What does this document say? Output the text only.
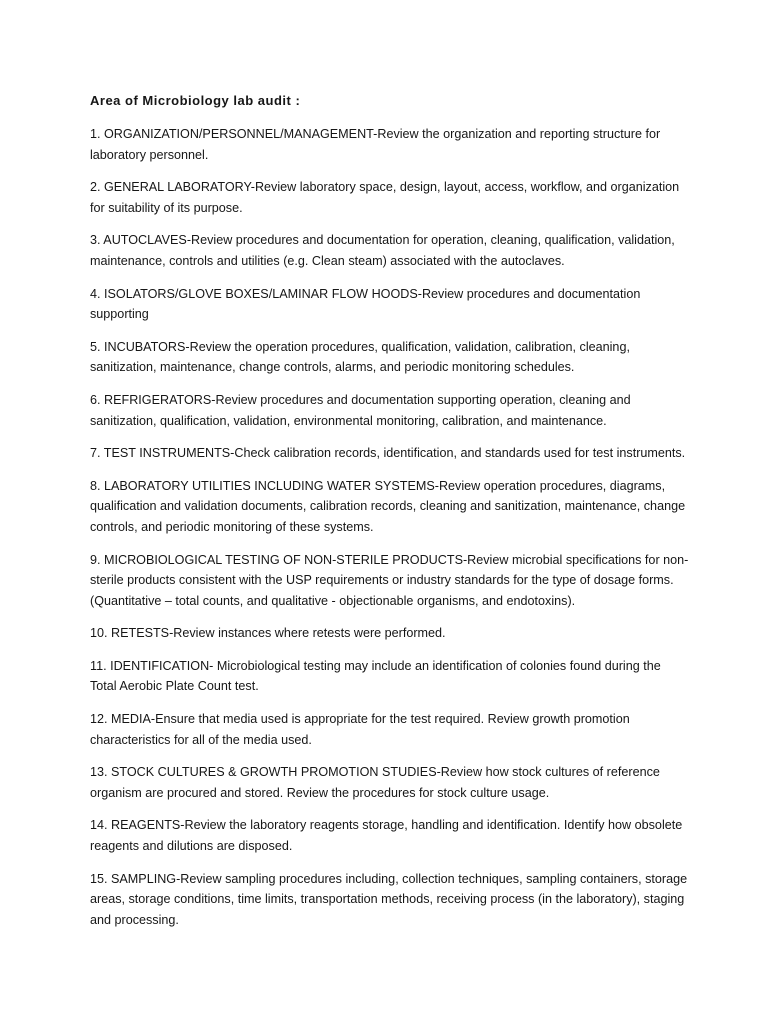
Area of Microbiology lab audit :
1. ORGANIZATION/PERSONNEL/MANAGEMENT-Review the organization and reporting structure for laboratory personnel.
2. GENERAL LABORATORY-Review laboratory space, design, layout, access, workflow, and organization for suitability of its purpose.
3. AUTOCLAVES-Review procedures and documentation for operation, cleaning, qualification, validation, maintenance, controls and utilities (e.g. Clean steam) associated with the autoclaves.
4. ISOLATORS/GLOVE BOXES/LAMINAR FLOW HOODS-Review procedures and documentation supporting
5. INCUBATORS-Review the operation procedures, qualification, validation, calibration, cleaning, sanitization, maintenance, change controls, alarms, and periodic monitoring schedules.
6. REFRIGERATORS-Review procedures and documentation supporting operation, cleaning and sanitization, qualification, validation, environmental monitoring, calibration, and maintenance.
7. TEST INSTRUMENTS-Check calibration records, identification, and standards used for test instruments.
8. LABORATORY UTILITIES INCLUDING WATER SYSTEMS-Review operation procedures, diagrams, qualification and validation documents, calibration records, cleaning and sanitization, maintenance, change controls, and periodic monitoring of these systems.
9. MICROBIOLOGICAL TESTING OF NON-STERILE PRODUCTS-Review microbial specifications for non-sterile products consistent with the USP requirements or industry standards for the type of dosage forms. (Quantitative – total counts, and qualitative - objectionable organisms, and endotoxins).
10. RETESTS-Review instances where retests were performed.
11. IDENTIFICATION- Microbiological testing may include an identification of colonies found during the Total Aerobic Plate Count test.
12. MEDIA-Ensure that media used is appropriate for the test required. Review growth promotion characteristics for all of the media used.
13. STOCK CULTURES & GROWTH PROMOTION STUDIES-Review how stock cultures of reference organism are procured and stored. Review the procedures for stock culture usage.
14. REAGENTS-Review the laboratory reagents storage, handling and identification. Identify how obsolete reagents and dilutions are disposed.
15. SAMPLING-Review sampling procedures including, collection techniques, sampling containers, storage areas, storage conditions, time limits, transportation methods, receiving process (in the laboratory), staging and processing.
